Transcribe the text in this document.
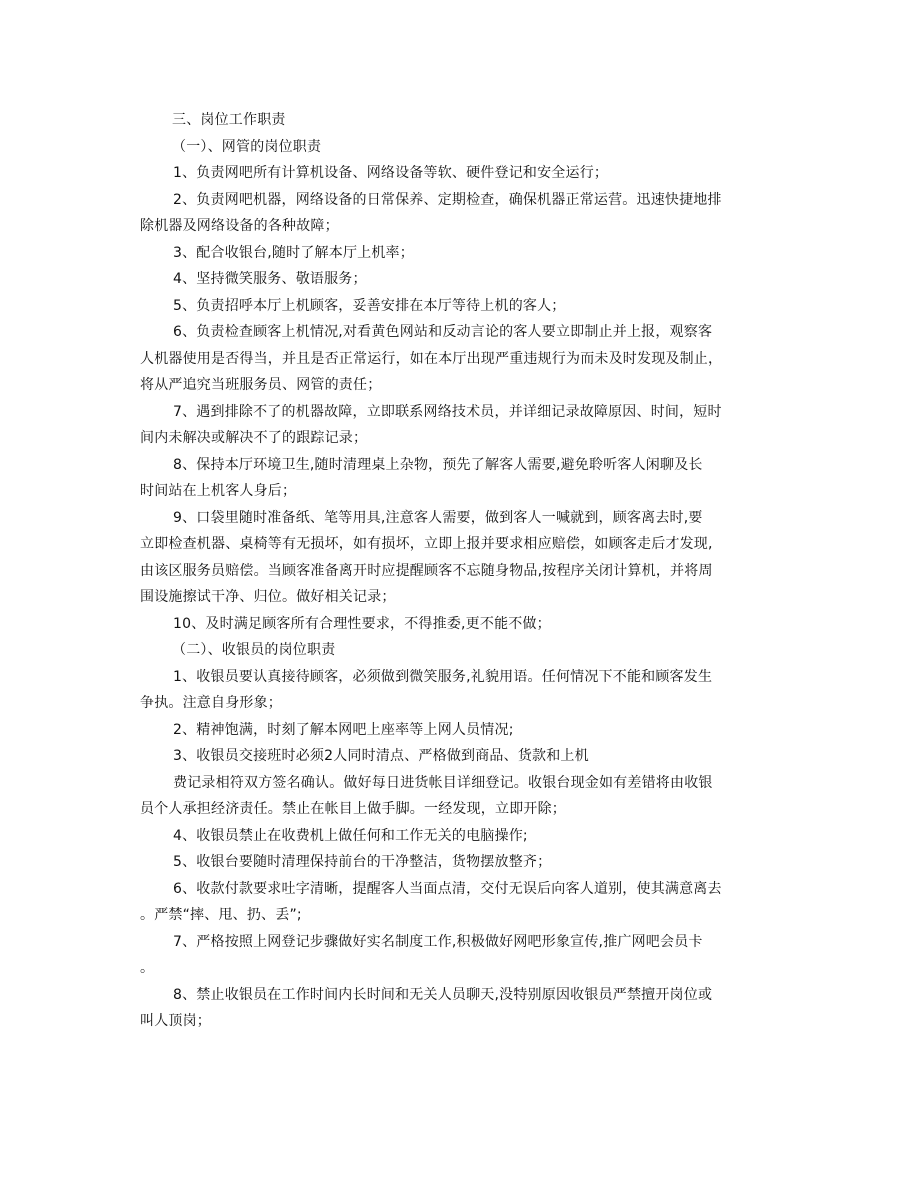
三、岗位工作职责

（一）、网管的岗位职责

1、负责网吧所有计算机设备、网络设备等软、硬件登记和安全运行；

2、负责网吧机器，网络设备的日常保养、定期检查，确保机器正常运营。迅速快捷地排

除机器及网络设备的各种故障；

3、配合收银台,随时了解本厅上机率；

4、坚持微笑服务、敬语服务；

5、负责招呼本厅上机顾客，妥善安排在本厅等待上机的客人；

6、负责检查顾客上机情况,对看黄色网站和反动言论的客人要立即制止并上报，观察客

人机器使用是否得当，并且是否正常运行，如在本厅出现严重违规行为而未及时发现及制止，

将从严追究当班服务员、网管的责任；

7、遇到排除不了的机器故障，立即联系网络技术员，并详细记录故障原因、时间，短时

间内未解决或解决不了的跟踪记录；

8、保持本厅环境卫生,随时清理桌上杂物，预先了解客人需要,避免聆听客人闲聊及长

时间站在上机客人身后；

9、口袋里随时准备纸、笔等用具,注意客人需要，做到客人一喊就到，顾客离去时,要

立即检查机器、桌椅等有无损坏，如有损坏，立即上报并要求相应赔偿，如顾客走后才发现,

由该区服务员赔偿。当顾客准备离开时应提醒顾客不忘随身物品,按程序关闭计算机，并将周

围设施擦试干净、归位。做好相关记录；

10、及时满足顾客所有合理性要求，不得推委,更不能不做；

（二）、收银员的岗位职责

1、收银员要认真接待顾客，必须做到微笑服务,礼貌用语。任何情况下不能和顾客发生

争执。注意自身形象；

2、精神饱满，时刻了解本网吧上座率等上网人员情况;

3、收银员交接班时必须2人同时清点、严格做到商品、货款和上机

费记录相符双方签名确认。做好每日进货帐目详细登记。收银台现金如有差错将由收银

员个人承担经济责任。禁止在帐目上做手脚。一经发现，立即开除；

4、收银员禁止在收费机上做任何和工作无关的电脑操作;

5、收银台要随时清理保持前台的干净整洁，货物摆放整齐；

6、收款付款要求吐字清晰，提醒客人当面点清，交付无误后向客人道别，使其满意离去

。严禁“摔、甩、扔、丢”;

7、严格按照上网登记步骤做好实名制度工作,积极做好网吧形象宣传,推广网吧会员卡

。

8、禁止收银员在工作时间内长时间和无关人员聊天,没特别原因收银员严禁擅开岗位或

叫人顶岗；
